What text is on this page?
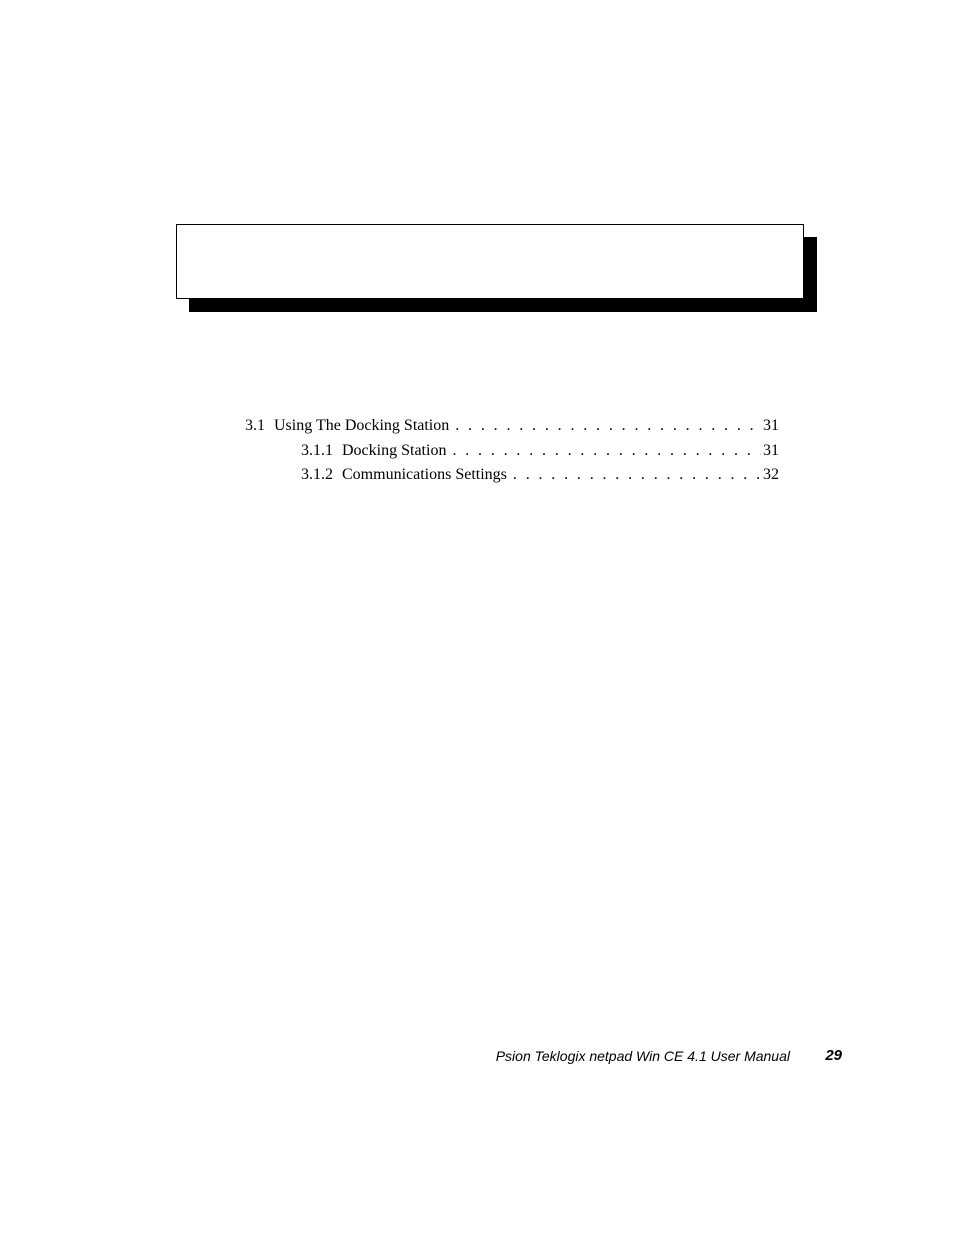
3.1 Using The Docking Station . . .	31
3.1.1 Docking Station . . .	31
3.1.2 Communications Settings . . .	32
Psion Teklogix netpad Win CE 4.1 User Manual 29
